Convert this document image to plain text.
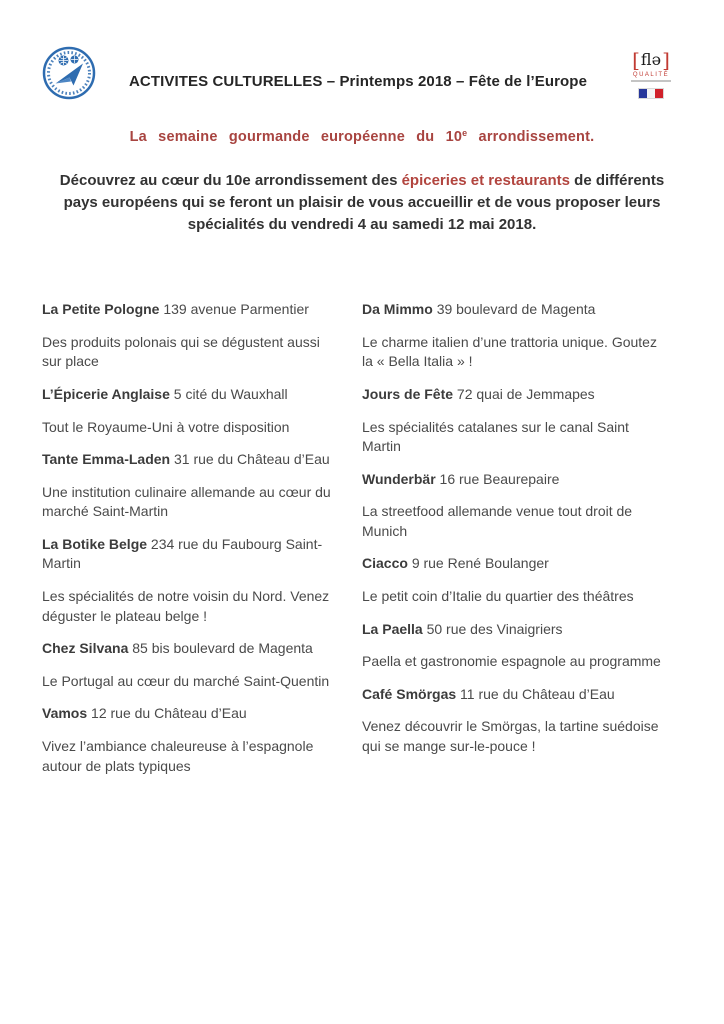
ACTIVITES CULTURELLES – Printemps 2018 – Fête de l’Europe
[flə]
QUALITÉ

La semaine gourmande européenne du 10e arrondissement.

Découvrez au cœur du 10e arrondissement des épiceries et restaurants de différents pays européens qui se feront un plaisir de vous accueillir et de vous proposer leurs spécialités du vendredi 4 au samedi 12 mai 2018.

La Petite Pologne 139 avenue Parmentier

Des produits polonais qui se dégustent aussi sur place

L’Épicerie Anglaise 5 cité du Wauxhall

Tout le Royaume-Uni à votre disposition

Tante Emma-Laden 31 rue du Château d’Eau

Une institution culinaire allemande au cœur du marché Saint-Martin

La Botike Belge 234 rue du Faubourg Saint-Martin

Les spécialités de notre voisin du Nord. Venez déguster le plateau belge !

Chez Silvana 85 bis boulevard de Magenta

Le Portugal au cœur du marché Saint-Quentin

Vamos 12 rue du Château d’Eau

Vivez l’ambiance chaleureuse à l’espagnole autour de plats typiques

Da Mimmo 39 boulevard de Magenta

Le charme italien d’une trattoria unique. Goutez la « Bella Italia » !

Jours de Fête 72 quai de Jemmapes

Les spécialités catalanes sur le canal Saint Martin

Wunderbär 16 rue Beaurepaire

La streetfood allemande venue tout droit de Munich

Ciacco 9 rue René Boulanger

Le petit coin d’Italie du quartier des théâtres

La Paella 50 rue des Vinaigriers

Paella et gastronomie espagnole au programme

Café Smörgas 11 rue du Château d’Eau

Venez découvrir le Smörgas, la tartine suédoise qui se mange sur-le-pouce !
